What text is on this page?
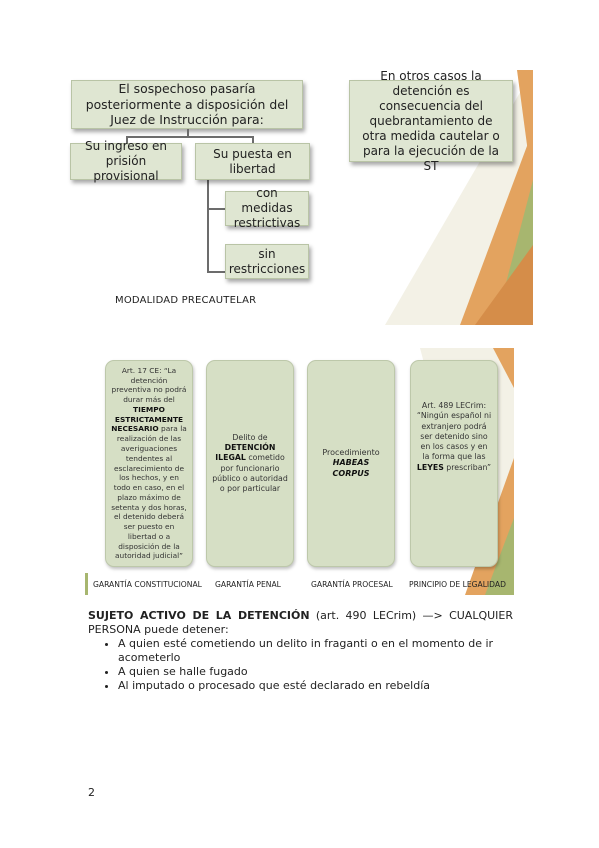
El sospechoso pasaría posteriormente a disposición del Juez de Instrucción para:
En otros casos la detención es consecuencia del quebrantamiento de otra medida cautelar o para la ejecución de la ST
Su ingreso en prisión provisional
Su puesta en libertad
con medidas restrictivas
sin restricciones
MODALIDAD PRECAUTELAR
Art. 17 CE: “La detención preventiva no podrá durar más del TIEMPO ESTRICTAMENTE NECESARIO para la realización de las averiguaciones tendentes al esclarecimiento de los hechos, y en todo en caso, en el plazo máximo de setenta y dos horas, el detenido deberá ser puesto en libertad o a disposición de la autoridad judicial”
Delito de DETENCIÓN ILEGAL cometido por funcionario público o autoridad o por particular
Procedimiento
HABEAS CORPUS
Art. 489 LECrim: “Ningún español ni extranjero podrá ser detenido sino en los casos y en la forma que las LEYES prescriban”
GARANTÍA CONSTITUCIONAL GARANTÍA PENAL	GARANTÍA PROCESAL PRINCIPIO DE LEGALIDAD

SUJETO ACTIVO DE LA DETENCIÓN (art. 490 LECrim) —> CUALQUIER PERSONA puede detener:

• A quien esté cometiendo un delito in fraganti o en el momento de ir acometerlo
• A quien se halle fugado
• Al imputado o procesado que esté declarado en rebeldía
2
